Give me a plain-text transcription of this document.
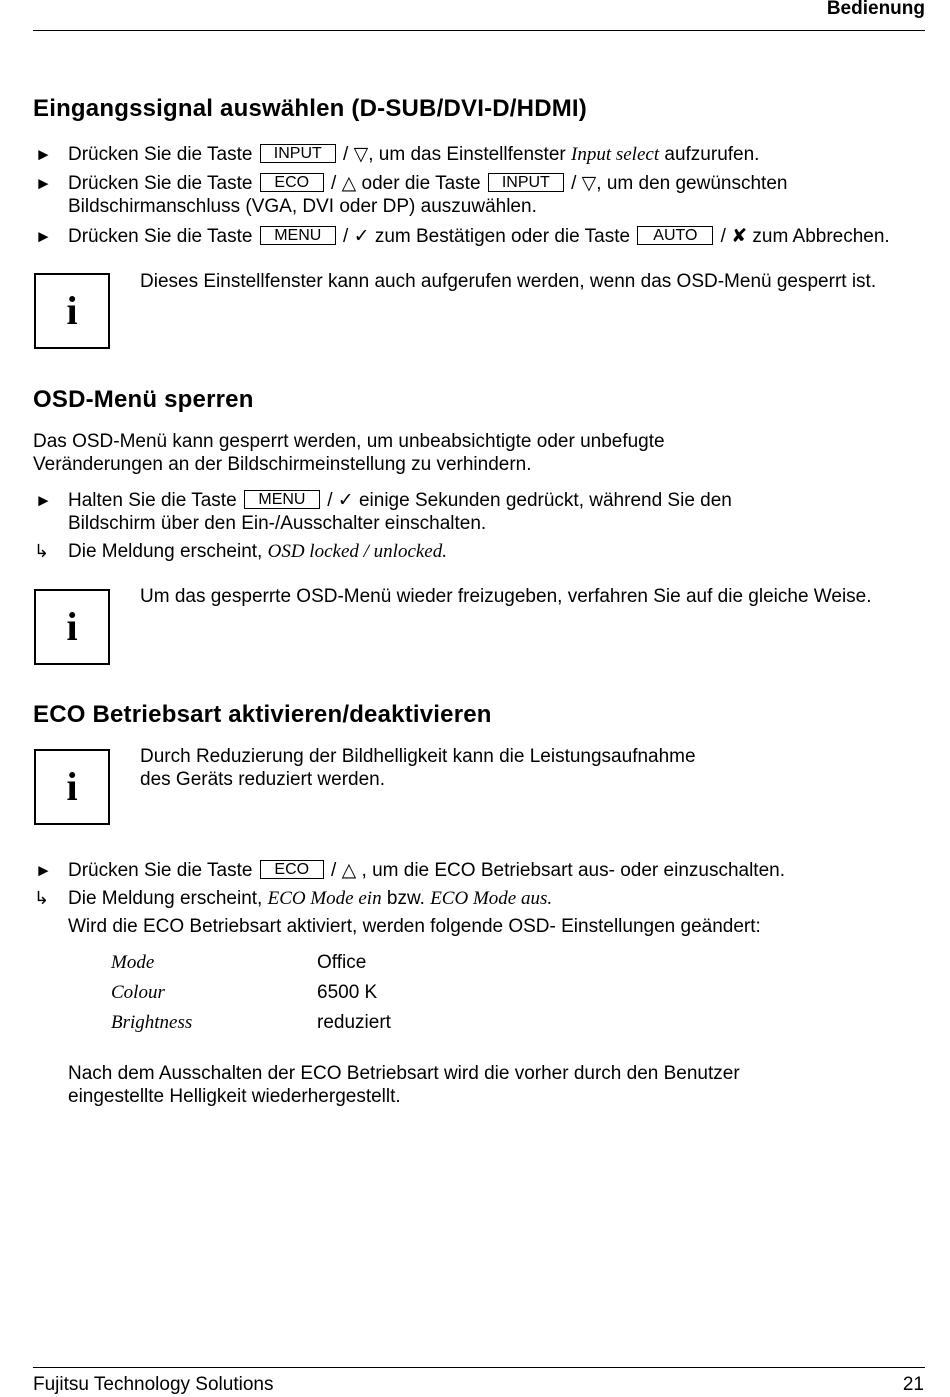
Bedienung
Eingangssignal auswählen (D-SUB/DVI-D/HDMI)
► Drücken Sie die Taste INPUT / ▽, um das Einstellfenster Input select aufzurufen.
► Drücken Sie die Taste ECO / △ oder die Taste INPUT / ▽, um den gewünschten
Bildschirmanschluss (VGA, DVI oder DP) auszuwählen.
► Drücken Sie die Taste MENU / ✓ zum Bestätigen oder die Taste AUTO / ✘ zum Abbrechen.
i
Dieses Einstellfenster kann auch aufgerufen werden, wenn das OSD-Menü gesperrt ist.
OSD-Menü sperren
Das OSD-Menü kann gesperrt werden, um unbeabsichtigte oder unbefugte
Veränderungen an der Bildschirmeinstellung zu verhindern.
► Halten Sie die Taste MENU / ✓ einige Sekunden gedrückt, während Sie den
Bildschirm über den Ein-/Ausschalter einschalten.
↳ Die Meldung erscheint, OSD locked / unlocked.
i
Um das gesperrte OSD-Menü wieder freizugeben, verfahren Sie auf die gleiche Weise.
ECO Betriebsart aktivieren/deaktivieren
i
Durch Reduzierung der Bildhelligkeit kann die Leistungsaufnahme
des Geräts reduziert werden.
► Drücken Sie die Taste ECO / △ , um die ECO Betriebsart aus- oder einzuschalten.
↳ Die Meldung erscheint, ECO Mode ein bzw. ECO Mode aus.
Wird die ECO Betriebsart aktiviert, werden folgende OSD- Einstellungen geändert:
Mode	Office
Colour	6500 K
Brightness	reduziert
Nach dem Ausschalten der ECO Betriebsart wird die vorher durch den Benutzer
eingestellte Helligkeit wiederhergestellt.
Fujitsu Technology Solutions	21
